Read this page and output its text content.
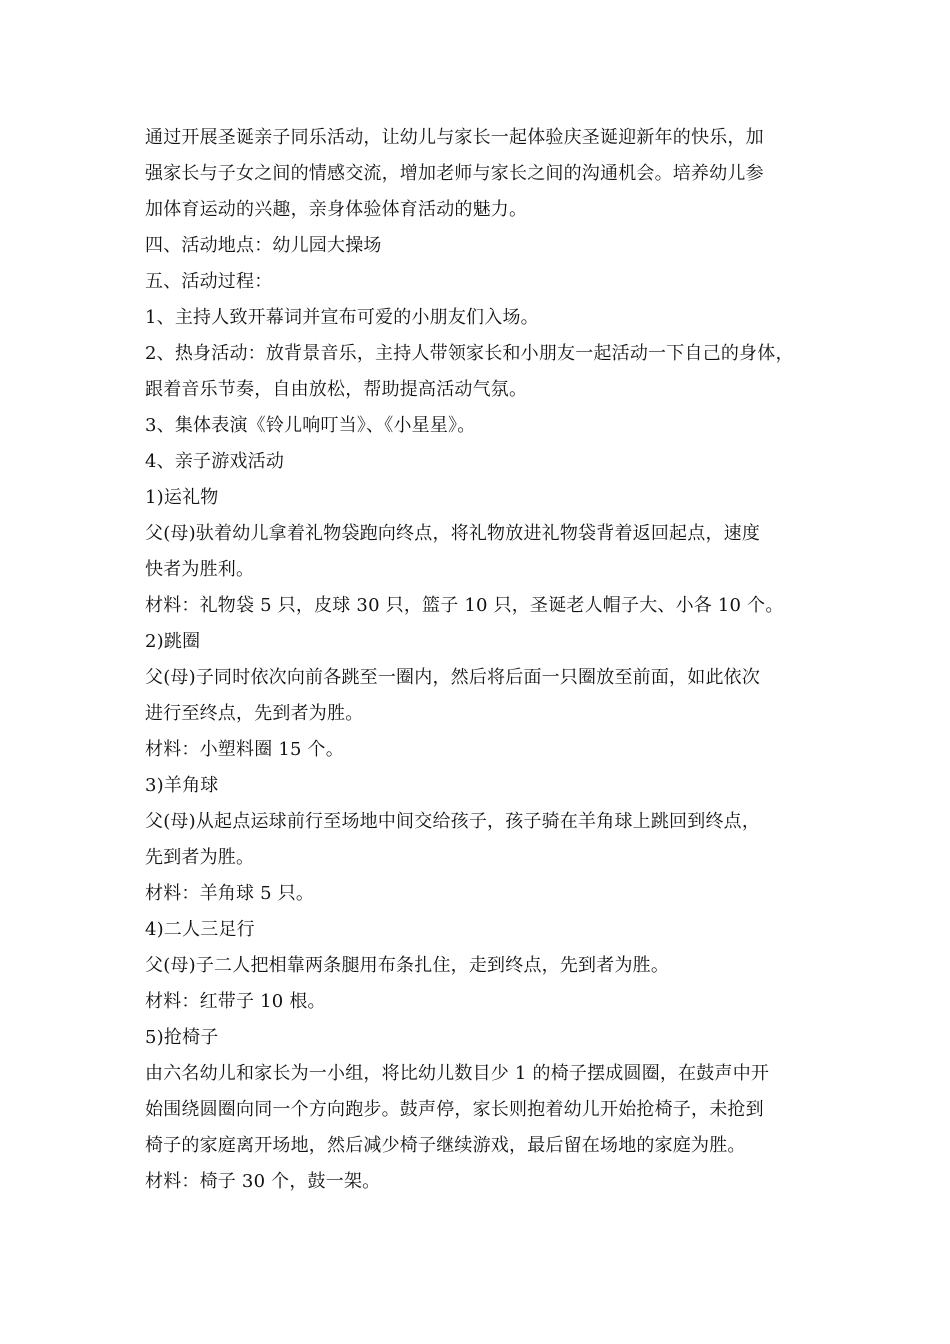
通过开展圣诞亲子同乐活动，让幼儿与家长一起体验庆圣诞迎新年的快乐，加
强家长与子女之间的情感交流，增加老师与家长之间的沟通机会。培养幼儿参
加体育运动的兴趣，亲身体验体育活动的魅力。
四、活动地点：幼儿园大操场
五、活动过程：
1、主持人致开幕词并宣布可爱的小朋友们入场。
2、热身活动：放背景音乐，主持人带领家长和小朋友一起活动一下自己的身体，
跟着音乐节奏，自由放松，帮助提高活动气氛。
3、集体表演《铃儿响叮当》、《小星星》。
4、亲子游戏活动
1)运礼物
父(母)驮着幼儿拿着礼物袋跑向终点，将礼物放进礼物袋背着返回起点，速度
快者为胜利。
材料：礼物袋 5 只，皮球 30 只，篮子 10 只，圣诞老人帽子大、小各 10 个。
2)跳圈
父(母)子同时依次向前各跳至一圈内，然后将后面一只圈放至前面，如此依次
进行至终点，先到者为胜。
材料：小塑料圈 15 个。
3)羊角球
父(母)从起点运球前行至场地中间交给孩子，孩子骑在羊角球上跳回到终点，
先到者为胜。
材料：羊角球 5 只。
4)二人三足行
父(母)子二人把相靠两条腿用布条扎住，走到终点，先到者为胜。
材料：红带子 10 根。
5)抢椅子
由六名幼儿和家长为一小组，将比幼儿数目少 1 的椅子摆成圆圈，在鼓声中开
始围绕圆圈向同一个方向跑步。鼓声停，家长则抱着幼儿开始抢椅子，未抢到
椅子的家庭离开场地，然后减少椅子继续游戏，最后留在场地的家庭为胜。
材料：椅子 30 个，鼓一架。
